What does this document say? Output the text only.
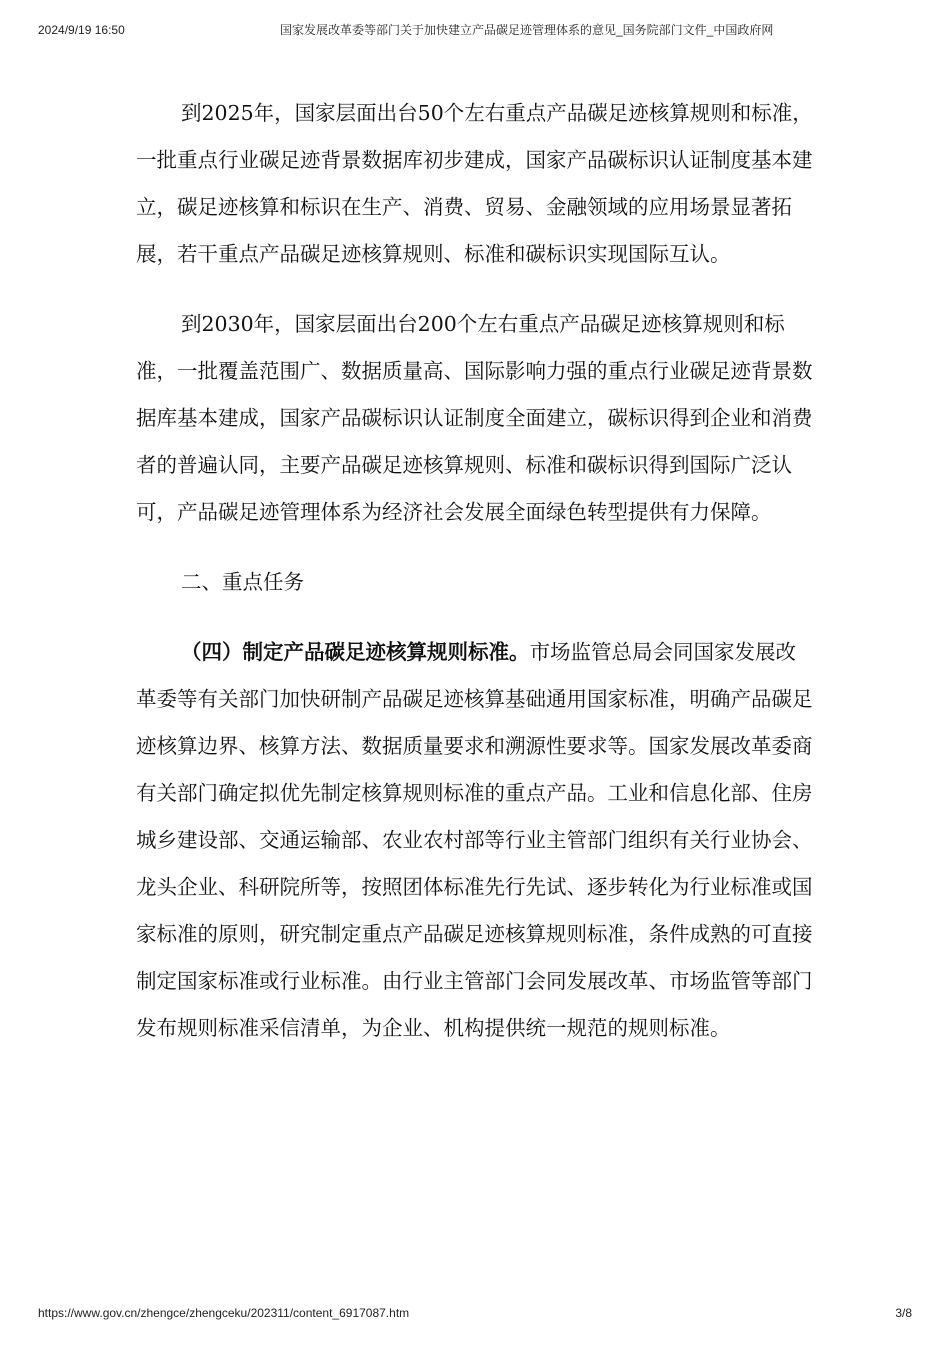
2024/9/19 16:50	国家发展改革委等部门关于加快建立产品碳足迹管理体系的意见_国务院部门文件_中国政府网

到2025年，国家层面出台50个左右重点产品碳足迹核算规则和标准，一批重点行业碳足迹背景数据库初步建成，国家产品碳标识认证制度基本建立，碳足迹核算和标识在生产、消费、贸易、金融领域的应用场景显著拓展，若干重点产品碳足迹核算规则、标准和碳标识实现国际互认。

到2030年，国家层面出台200个左右重点产品碳足迹核算规则和标准，一批覆盖范围广、数据质量高、国际影响力强的重点行业碳足迹背景数据库基本建成，国家产品碳标识认证制度全面建立，碳标识得到企业和消费者的普遍认同，主要产品碳足迹核算规则、标准和碳标识得到国际广泛认可，产品碳足迹管理体系为经济社会发展全面绿色转型提供有力保障。

二、重点任务

（四）制定产品碳足迹核算规则标准。市场监管总局会同国家发展改革委等有关部门加快研制产品碳足迹核算基础通用国家标准，明确产品碳足迹核算边界、核算方法、数据质量要求和溯源性要求等。国家发展改革委商有关部门确定拟优先制定核算规则标准的重点产品。工业和信息化部、住房城乡建设部、交通运输部、农业农村部等行业主管部门组织有关行业协会、龙头企业、科研院所等，按照团体标准先行先试、逐步转化为行业标准或国家标准的原则，研究制定重点产品碳足迹核算规则标准，条件成熟的可直接制定国家标准或行业标准。由行业主管部门会同发展改革、市场监管等部门发布规则标准采信清单，为企业、机构提供统一规范的规则标准。

https://www.gov.cn/zhengce/zhengceku/202311/content_6917087.htm	3/8
